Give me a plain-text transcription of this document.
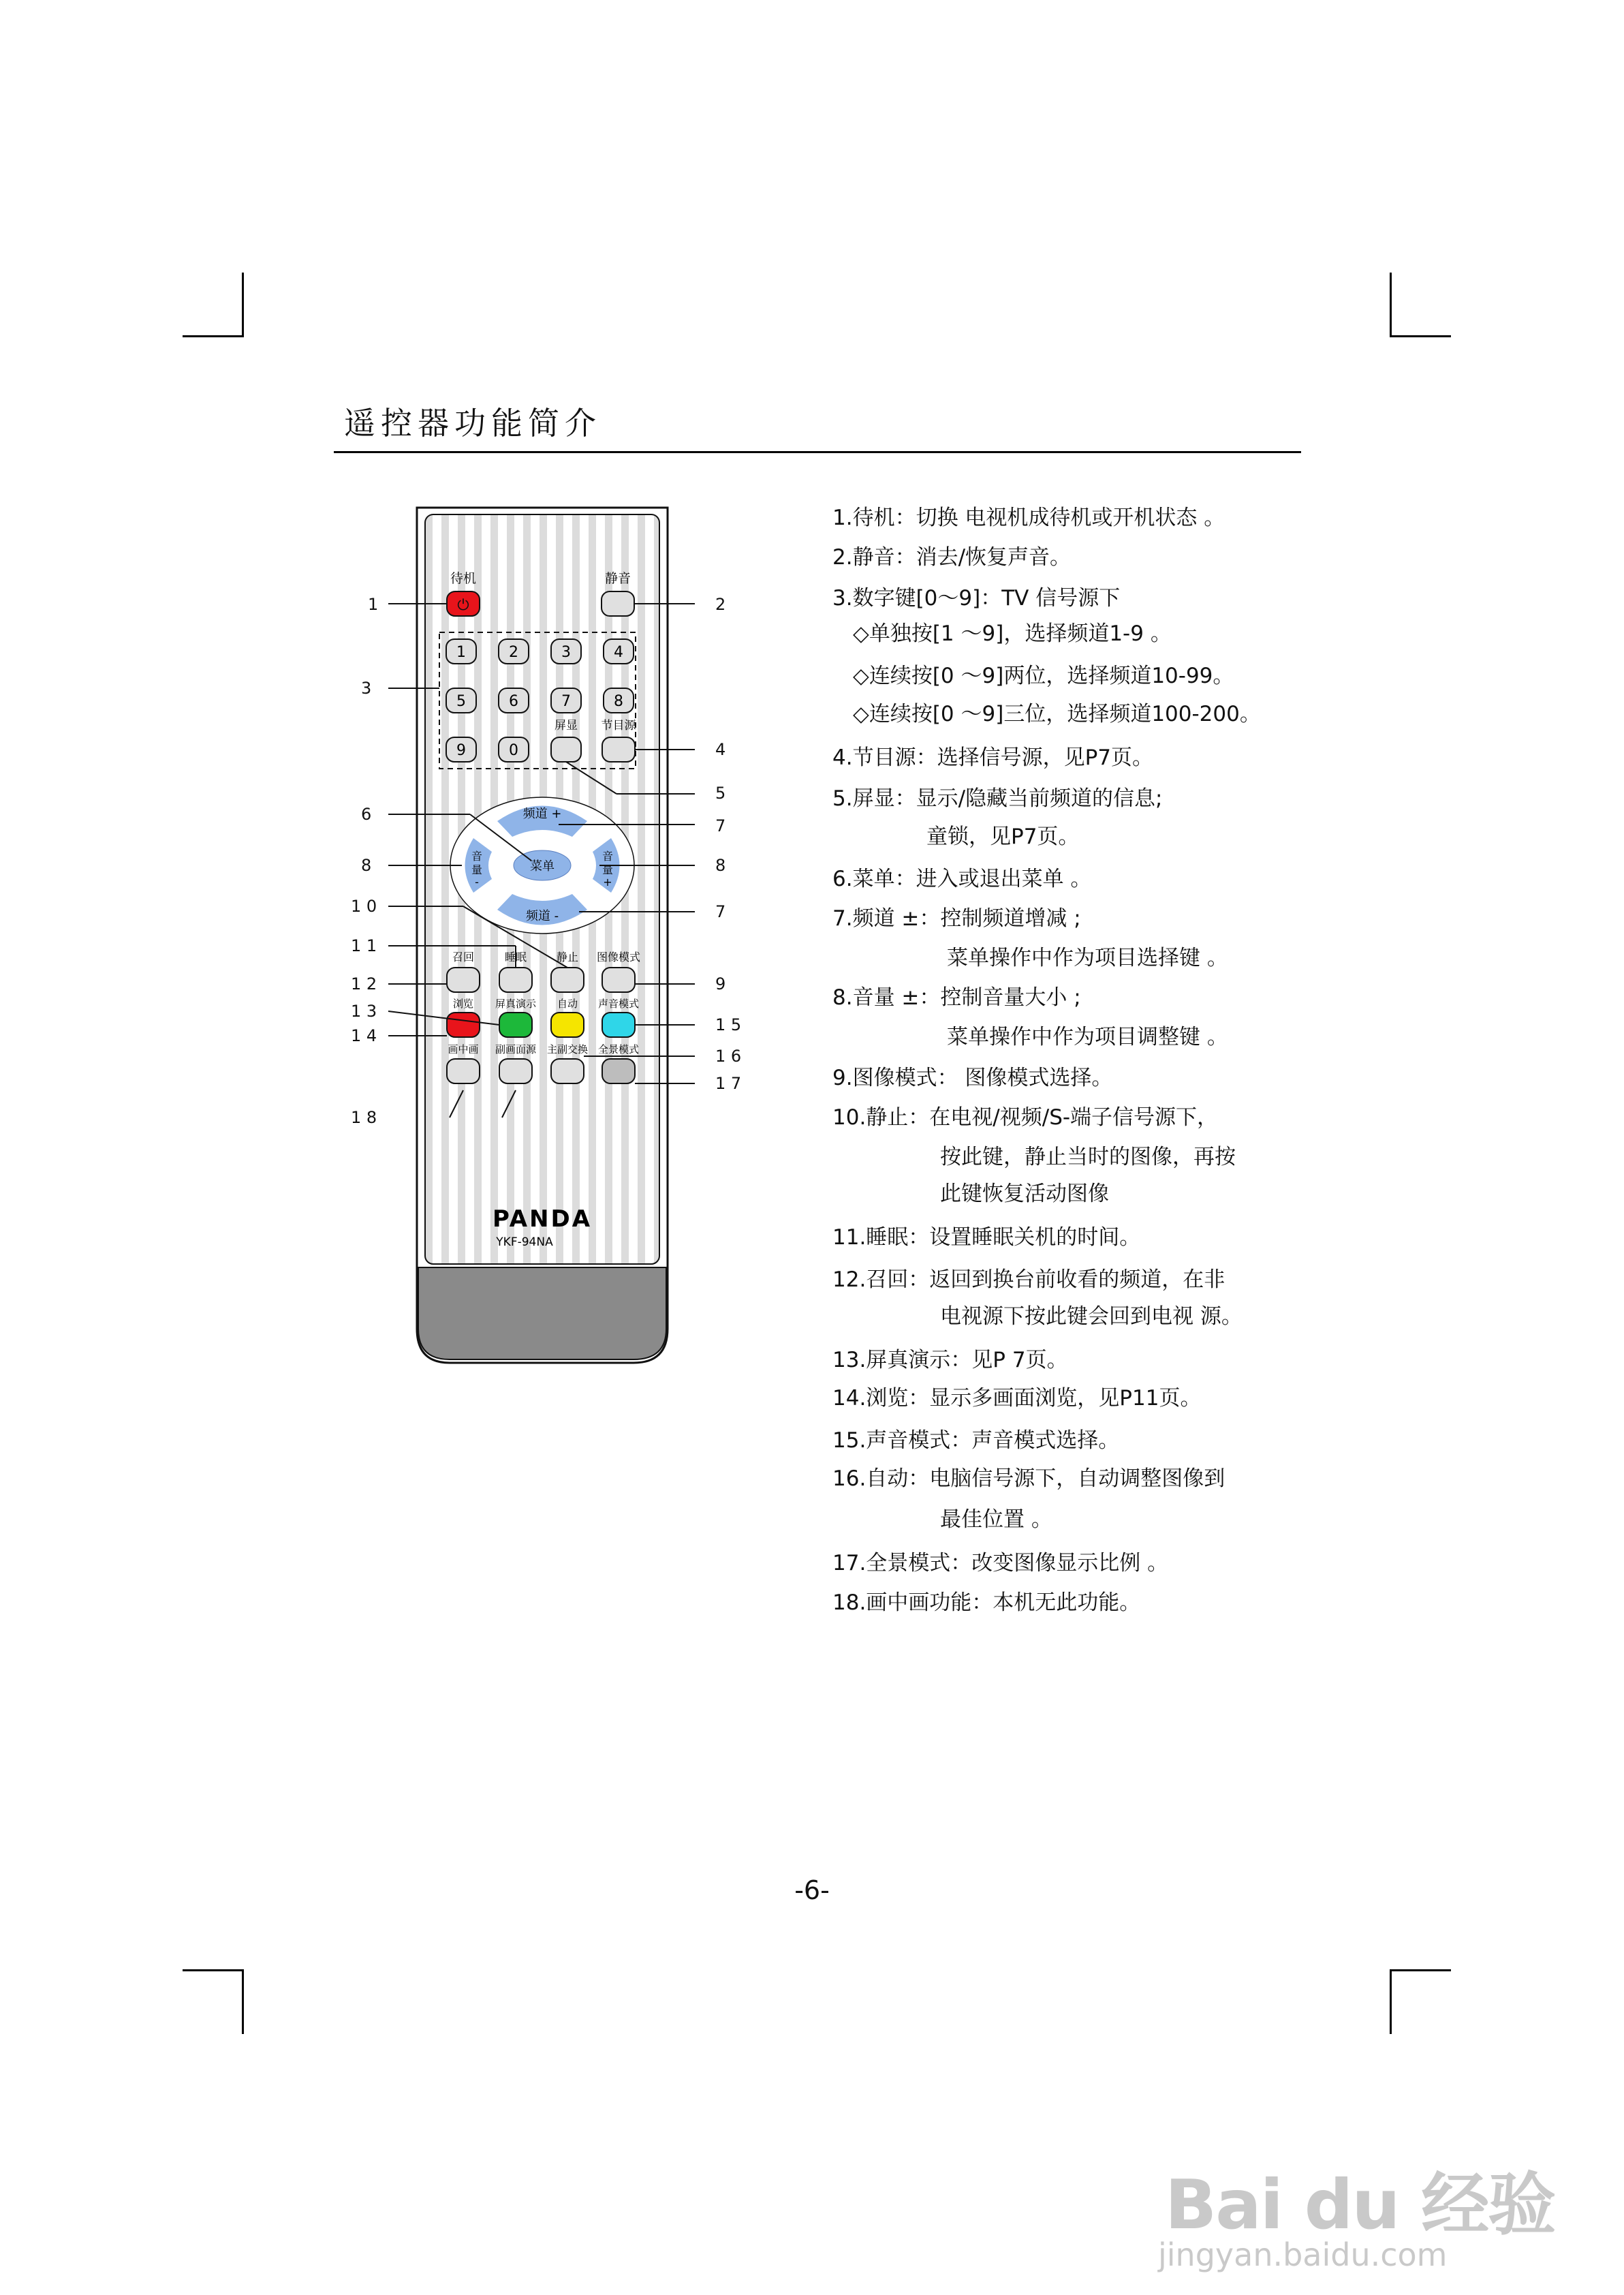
遥控器功能简介
待机
⏻
静音
1	2	3	4
5	6	7	8
9	0
屏显 节目源
频道 +
频道 -
菜单
音
量
-
音
量
+
召回	睡眠	静止 图像模式
浏览 屏真演示 自动 声音模式
画中画 副画面源 主副交换 全景模式
PANDA
YKF-94NA
1	2
3
4
5
6
7
8	8
7
1 0
1 1
9
1 2
1 3
1 4
1 5
1 6
1 7
1 8
1.待机：切换 电视机成待机或开机状态 。
2.静音：消去/恢复声音。
3.数字键[0～9]：TV 信号源下
◇单独按[1 ～9]，选择频道1-9 。
◇连续按[0 ～9]两位，选择频道10-99。
◇连续按[0 ～9]三位，选择频道100-200。
4.节目源：选择信号源，见P7页。
5.屏显：显示/隐藏当前频道的信息;
童锁，见P7页。
6.菜单：进入或退出菜单 。
7.频道 ±：控制频道增减 ;
菜单操作中作为项目选择键 。
8.音量 ±：控制音量大小 ;
菜单操作中作为项目调整键 。
9.图像模式： 图像模式选择。
10.静止：在电视/视频/S-端子信号源下，
按此键，静止当时的图像，再按
此键恢复活动图像
11.睡眠：设置睡眠关机的时间。
12.召回：返回到换台前收看的频道，在非
电视源下按此键会回到电视 源。
13.屏真演示：见P 7页。
14.浏览：显示多画面浏览，见P11页。
15.声音模式：声音模式选择。
16.自动：电脑信号源下，自动调整图像到
最佳位置 。
17.全景模式：改变图像显示比例 。
18.画中画功能：本机无此功能。
-6-
Bai du 经验
jingyan.baidu.com
